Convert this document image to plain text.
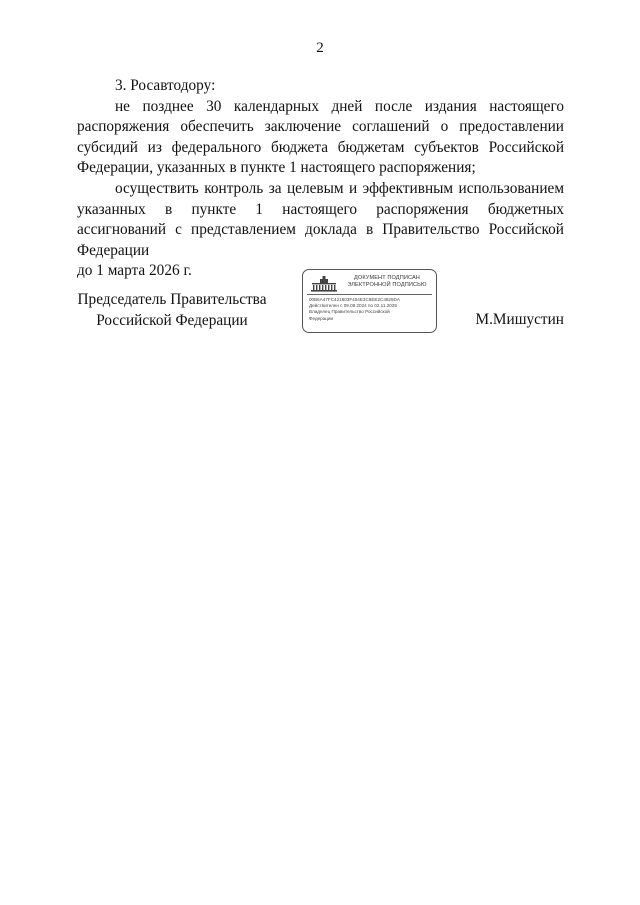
2

3. Росавтодору:

не позднее 30 календарных дней после издания настоящего распоряжения обеспечить заключение соглашений о предоставлении субсидий из федерального бюджета бюджетам субъектов Российской Федерации, указанных в пункте 1 настоящего распоряжения;

осуществить контроль за целевым и эффективным использованием указанных в пункте 1 настоящего распоряжения бюджетных ассигнований с представлением доклада в Правительство Российской Федерации

до 1 марта 2026 г.

Председатель Правительства
Российской Федерации
ДОКУМЕНТ ПОДПИСАН
ЭЛЕКТРОННОЙ ПОДПИСЬЮ
00B6A47FC421603F404E3C6EE2C4825DA
Действителен с 09.08.2024 по 02.11.2025
Владелец Правительство Российской
Федерации	М.Мишустин
